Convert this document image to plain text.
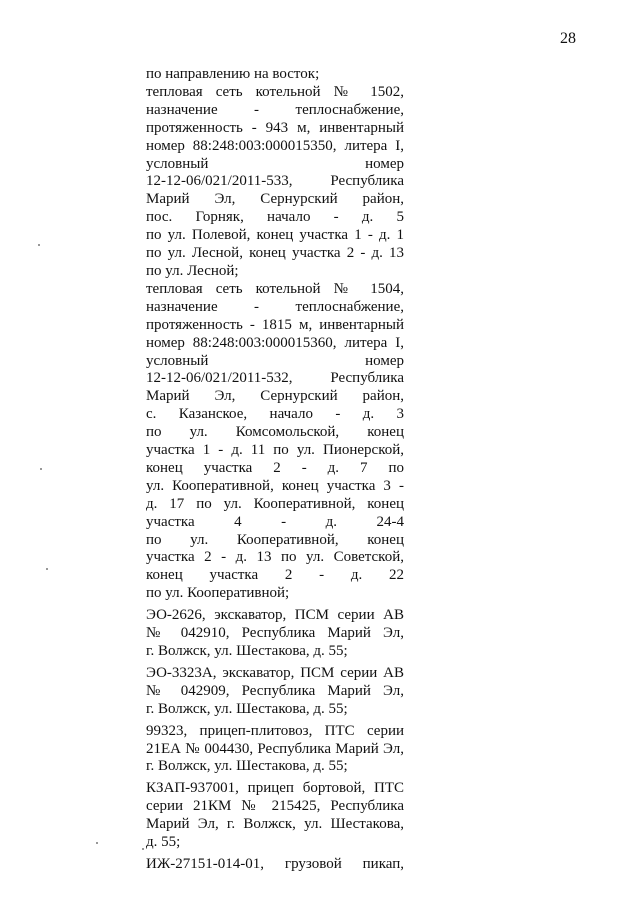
28
по направлению на восток;
тепловая сеть котельной № 1502,
назначение - теплоснабжение,
протяженность - 943 м, инвентарный
номер 88:248:003:000015350, литера I,
условный номер
12-12-06/021/2011-533, Республика
Марий Эл, Сернурский район,
пос. Горняк, начало - д. 5
по ул. Полевой, конец участка 1 - д. 1
по ул. Лесной, конец участка 2 - д. 13
по ул. Лесной;
тепловая сеть котельной № 1504,
назначение - теплоснабжение,
протяженность - 1815 м, инвентарный
номер 88:248:003:000015360, литера I,
условный номер
12-12-06/021/2011-532, Республика
Марий Эл, Сернурский район,
с. Казанское, начало - д. 3
по ул. Комсомольской, конец
участка 1 - д. 11 по ул. Пионерской,
конец участка 2 - д. 7 по
ул. Кооперативной, конец участка 3 -
д. 17 по ул. Кооперативной, конец
участка 4 - д. 24-4
по ул. Кооперативной, конец
участка 2 - д. 13 по ул. Советской,
конец участка 2 - д. 22
по ул. Кооперативной;
ЭО-2626, экскаватор, ПСМ серии АВ
№ 042910, Республика Марий Эл,
г. Волжск, ул. Шестакова, д. 55;
ЭО-3323А, экскаватор, ПСМ серии АВ
№ 042909, Республика Марий Эл,
г. Волжск, ул. Шестакова, д. 55;
99323, прицеп-плитовоз, ПТС серии
21ЕА № 004430, Республика Марий Эл,
г. Волжск, ул. Шестакова, д. 55;
КЗАП-937001, прицеп бортовой, ПТС
серии 21КМ № 215425, Республика
Марий Эл, г. Волжск, ул. Шестакова,
д. 55;
ИЖ-27151-014-01, грузовой пикап,
